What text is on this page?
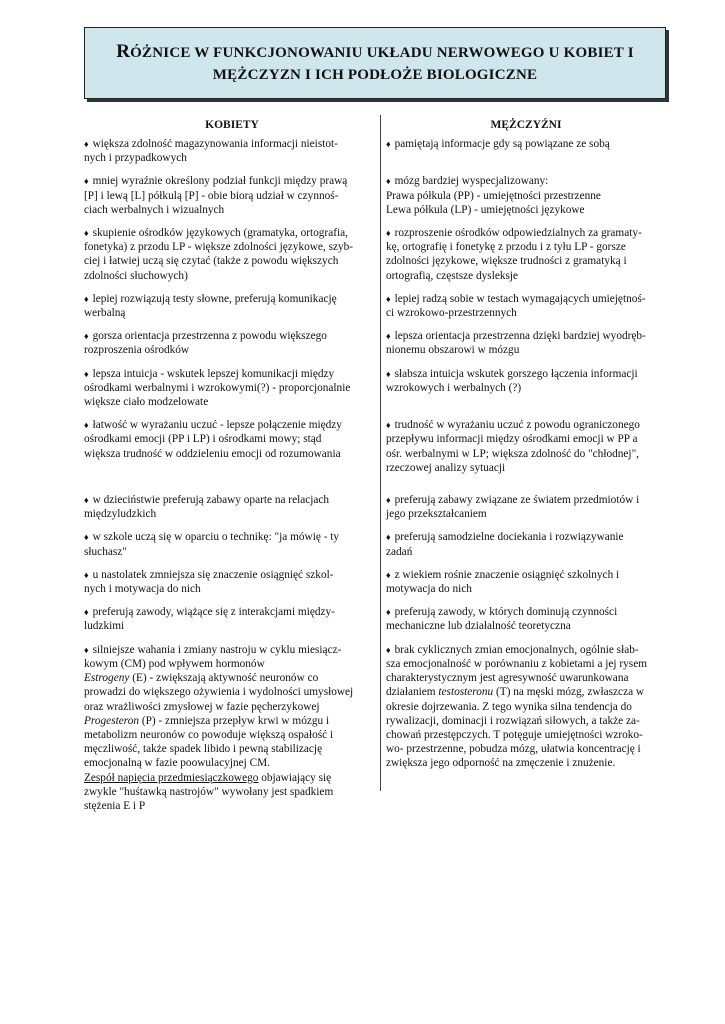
RÓŻNICE W FUNKCJONOWANIU UKŁADU NERWOWEGO U KOBIET I
MĘŻCZYZN I ICH PODŁOŻE BIOLOGICZNE
KOBIETY	MĘŻCZYŹNI

♦ większa zdolność magazynowania informacji nieistot-

nych i przypadkowych

♦ pamiętają informacje gdy są powiązane ze sobą

♦ mniej wyraźnie określony podział funkcji między prawą

[P] i lewą [L] półkulą [P] - obie biorą udział w czynnoś-

ciach werbalnych i wizualnych

♦ mózg bardziej wyspecjalizowany:

Prawa półkula (PP) - umiejętności przestrzenne

Lewa półkula (LP) - umiejętności językowe

♦ skupienie ośrodków językowych (gramatyka, ortografia,

fonetyka) z przodu LP - większe zdolności językowe, szyb-

ciej i łatwiej uczą się czytać (także z powodu większych

zdolności słuchowych)

♦ rozproszenie ośrodków odpowiedzialnych za gramaty-

kę, ortografię i fonetykę z przodu i z tyłu LP - gorsze

zdolności językowe, większe trudności z gramatyką i

ortografią, częstsze dysleksje

♦ lepiej rozwiązują testy słowne, preferują komunikację

werbalną

♦ lepiej radzą sobie w testach wymagających umiejętnoś-

ci wzrokowo-przestrzennych

♦ gorsza orientacja przestrzenna z powodu większego

rozproszenia ośrodków

♦ lepsza orientacja przestrzenna dzięki bardziej wyodręb-

nionemu obszarowi w mózgu

♦ lepsza intuicja - wskutek lepszej komunikacji między

ośrodkami werbalnymi i wzrokowymi(?) - proporcjonalnie

większe ciało modzelowate

♦ słabsza intuicja wskutek gorszego łączenia informacji

wzrokowych i werbalnych (?)

♦ łatwość w wyrażaniu uczuć - lepsze połączenie między

ośrodkami emocji (PP i LP) i ośrodkami mowy; stąd

większa trudność w oddzieleniu emocji od rozumowania

♦ trudność w wyrażaniu uczuć z powodu ograniczonego

przepływu informacji między ośrodkami emocji w PP a

ośr. werbalnymi w LP; większa zdolność do "chłodnej",

rzeczowej analizy sytuacji

♦ w dzieciństwie preferują zabawy oparte na relacjach

międzyludzkich

♦ preferują zabawy związane ze światem przedmiotów i

jego przekształcaniem

♦ w szkole uczą się w oparciu o technikę: "ja mówię - ty

słuchasz"

♦ preferują samodzielne dociekania i rozwiązywanie

zadań

♦ u nastolatek zmniejsza się znaczenie osiągnięć szkol-

nych i motywacja do nich

♦ z wiekiem rośnie znaczenie osiągnięć szkolnych i

motywacja do nich

♦ preferują zawody, wiążące się z interakcjami między-

ludzkimi

♦ preferują zawody, w których dominują czynności

mechaniczne lub działalność teoretyczna

♦ silniejsze wahania i zmiany nastroju w cyklu miesiącz-

kowym (CM) pod wpływem hormonów

Estrogeny (E) - zwiększają aktywność neuronów co

prowadzi do większego ożywienia i wydolności umysłowej

oraz wrażliwości zmysłowej w fazie pęcherzykowej

Progesteron (P) - zmniejsza przepływ krwi w mózgu i

metabolizm neuronów co powoduje większą ospałość i

męczliwość, także spadek libido i pewną stabilizację

emocjonalną w fazie poowulacyjnej CM.

Zespół napięcia przedmiesiączkowego objawiający się

zwykle "huśtawką nastrojów" wywołany jest spadkiem

stężenia E i P

♦ brak cyklicznych zmian emocjonalnych, ogólnie słab-

sza emocjonalność w porównaniu z kobietami a jej rysem

charakterystycznym jest agresywność uwarunkowana

działaniem testosteronu (T) na męski mózg, zwłaszcza w

okresie dojrzewania. Z tego wynika silna tendencja do

rywalizacji, dominacji i rozwiązań siłowych, a także za-

chowań przestępczych. T potęguje umiejętności wzroko-

wo- przestrzenne, pobudza mózg, ułatwia koncentrację i

zwiększa jego odporność na zmęczenie i znużenie.
